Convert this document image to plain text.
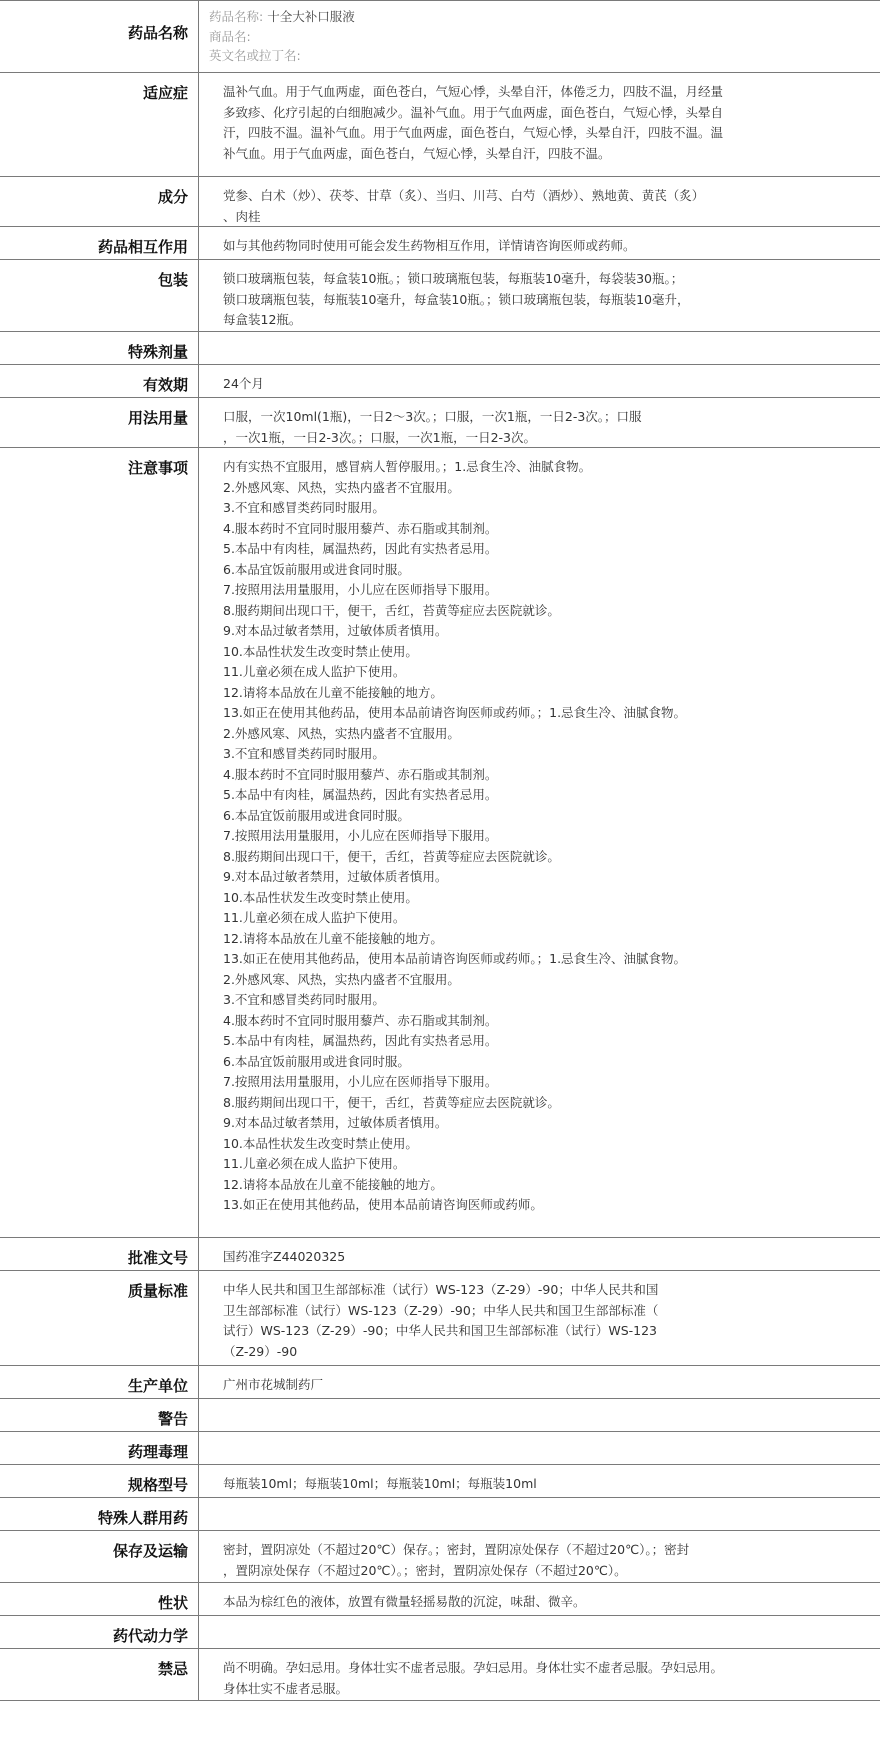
药品名称
药品名称: 十全大补口服液
商品名:
英文名或拉丁名:
适应症	温补气血。用于气血两虚，面色苍白，气短心悸，头晕自汗，体倦乏力，四肢不温，月经量
多致疹、化疗引起的白细胞减少。温补气血。用于气血两虚，面色苍白，气短心悸，头晕自
汗，四肢不温。温补气血。用于气血两虚，面色苍白，气短心悸，头晕自汗，四肢不温。温
补气血。用于气血两虚，面色苍白，气短心悸，头晕自汗，四肢不温。
成分	党参、白术（炒）、茯苓、甘草（炙）、当归、川芎、白芍（酒炒）、熟地黄、黄芪（炙）
、肉桂
药品相互作用	如与其他药物同时使用可能会发生药物相互作用，详情请咨询医师或药师。
包装	锁口玻璃瓶包装，每盒装10瓶。；锁口玻璃瓶包装，每瓶装10毫升，每袋装30瓶。；
锁口玻璃瓶包装，每瓶装10毫升，每盒装10瓶。；锁口玻璃瓶包装，每瓶装10毫升，
每盒装12瓶。
特殊剂量
有效期	24个月
用法用量	口服，一次10ml(1瓶)，一日2～3次。；口服，一次1瓶，一日2-3次。；口服
，一次1瓶，一日2-3次。；口服，一次1瓶，一日2-3次。
注意事项	内有实热不宜服用，感冒病人暂停服用。；1.忌食生冷、油腻食物。
2.外感风寒、风热，实热内盛者不宜服用。
3.不宜和感冒类药同时服用。
4.服本药时不宜同时服用藜芦、赤石脂或其制剂。
5.本品中有肉桂，属温热药，因此有实热者忌用。
6.本品宜饭前服用或进食同时服。
7.按照用法用量服用，小儿应在医师指导下服用。
8.服药期间出现口干，便干，舌红，苔黄等症应去医院就诊。
9.对本品过敏者禁用，过敏体质者慎用。
10.本品性状发生改变时禁止使用。
11.儿童必须在成人监护下使用。
12.请将本品放在儿童不能接触的地方。
13.如正在使用其他药品，使用本品前请咨询医师或药师。；1.忌食生冷、油腻食物。
2.外感风寒、风热，实热内盛者不宜服用。
3.不宜和感冒类药同时服用。
4.服本药时不宜同时服用藜芦、赤石脂或其制剂。
5.本品中有肉桂，属温热药，因此有实热者忌用。
6.本品宜饭前服用或进食同时服。
7.按照用法用量服用，小儿应在医师指导下服用。
8.服药期间出现口干，便干，舌红，苔黄等症应去医院就诊。
9.对本品过敏者禁用，过敏体质者慎用。
10.本品性状发生改变时禁止使用。
11.儿童必须在成人监护下使用。
12.请将本品放在儿童不能接触的地方。
13.如正在使用其他药品，使用本品前请咨询医师或药师。；1.忌食生冷、油腻食物。
2.外感风寒、风热，实热内盛者不宜服用。
3.不宜和感冒类药同时服用。
4.服本药时不宜同时服用藜芦、赤石脂或其制剂。
5.本品中有肉桂，属温热药，因此有实热者忌用。
6.本品宜饭前服用或进食同时服。
7.按照用法用量服用，小儿应在医师指导下服用。
8.服药期间出现口干，便干，舌红，苔黄等症应去医院就诊。
9.对本品过敏者禁用，过敏体质者慎用。
10.本品性状发生改变时禁止使用。
11.儿童必须在成人监护下使用。
12.请将本品放在儿童不能接触的地方。
13.如正在使用其他药品，使用本品前请咨询医师或药师。
批准文号	国药准字Z44020325
质量标准	中华人民共和国卫生部部标准（试行）WS-123（Z-29）-90；中华人民共和国
卫生部部标准（试行）WS-123（Z-29）-90；中华人民共和国卫生部部标准（
试行）WS-123（Z-29）-90；中华人民共和国卫生部部标准（试行）WS-123
（Z-29）-90
生产单位	广州市花城制药厂
警告
药理毒理
规格型号	每瓶装10ml；每瓶装10ml；每瓶装10ml；每瓶装10ml
特殊人群用药
保存及运输	密封，置阴凉处（不超过20℃）保存。；密封，置阴凉处保存（不超过20℃）。；密封
，置阴凉处保存（不超过20℃）。；密封，置阴凉处保存（不超过20℃）。
性状	本品为棕红色的液体，放置有微量轻摇易散的沉淀，味甜、微辛。
药代动力学
禁忌	尚不明确。孕妇忌用。身体壮实不虚者忌服。孕妇忌用。身体壮实不虚者忌服。孕妇忌用。
身体壮实不虚者忌服。
